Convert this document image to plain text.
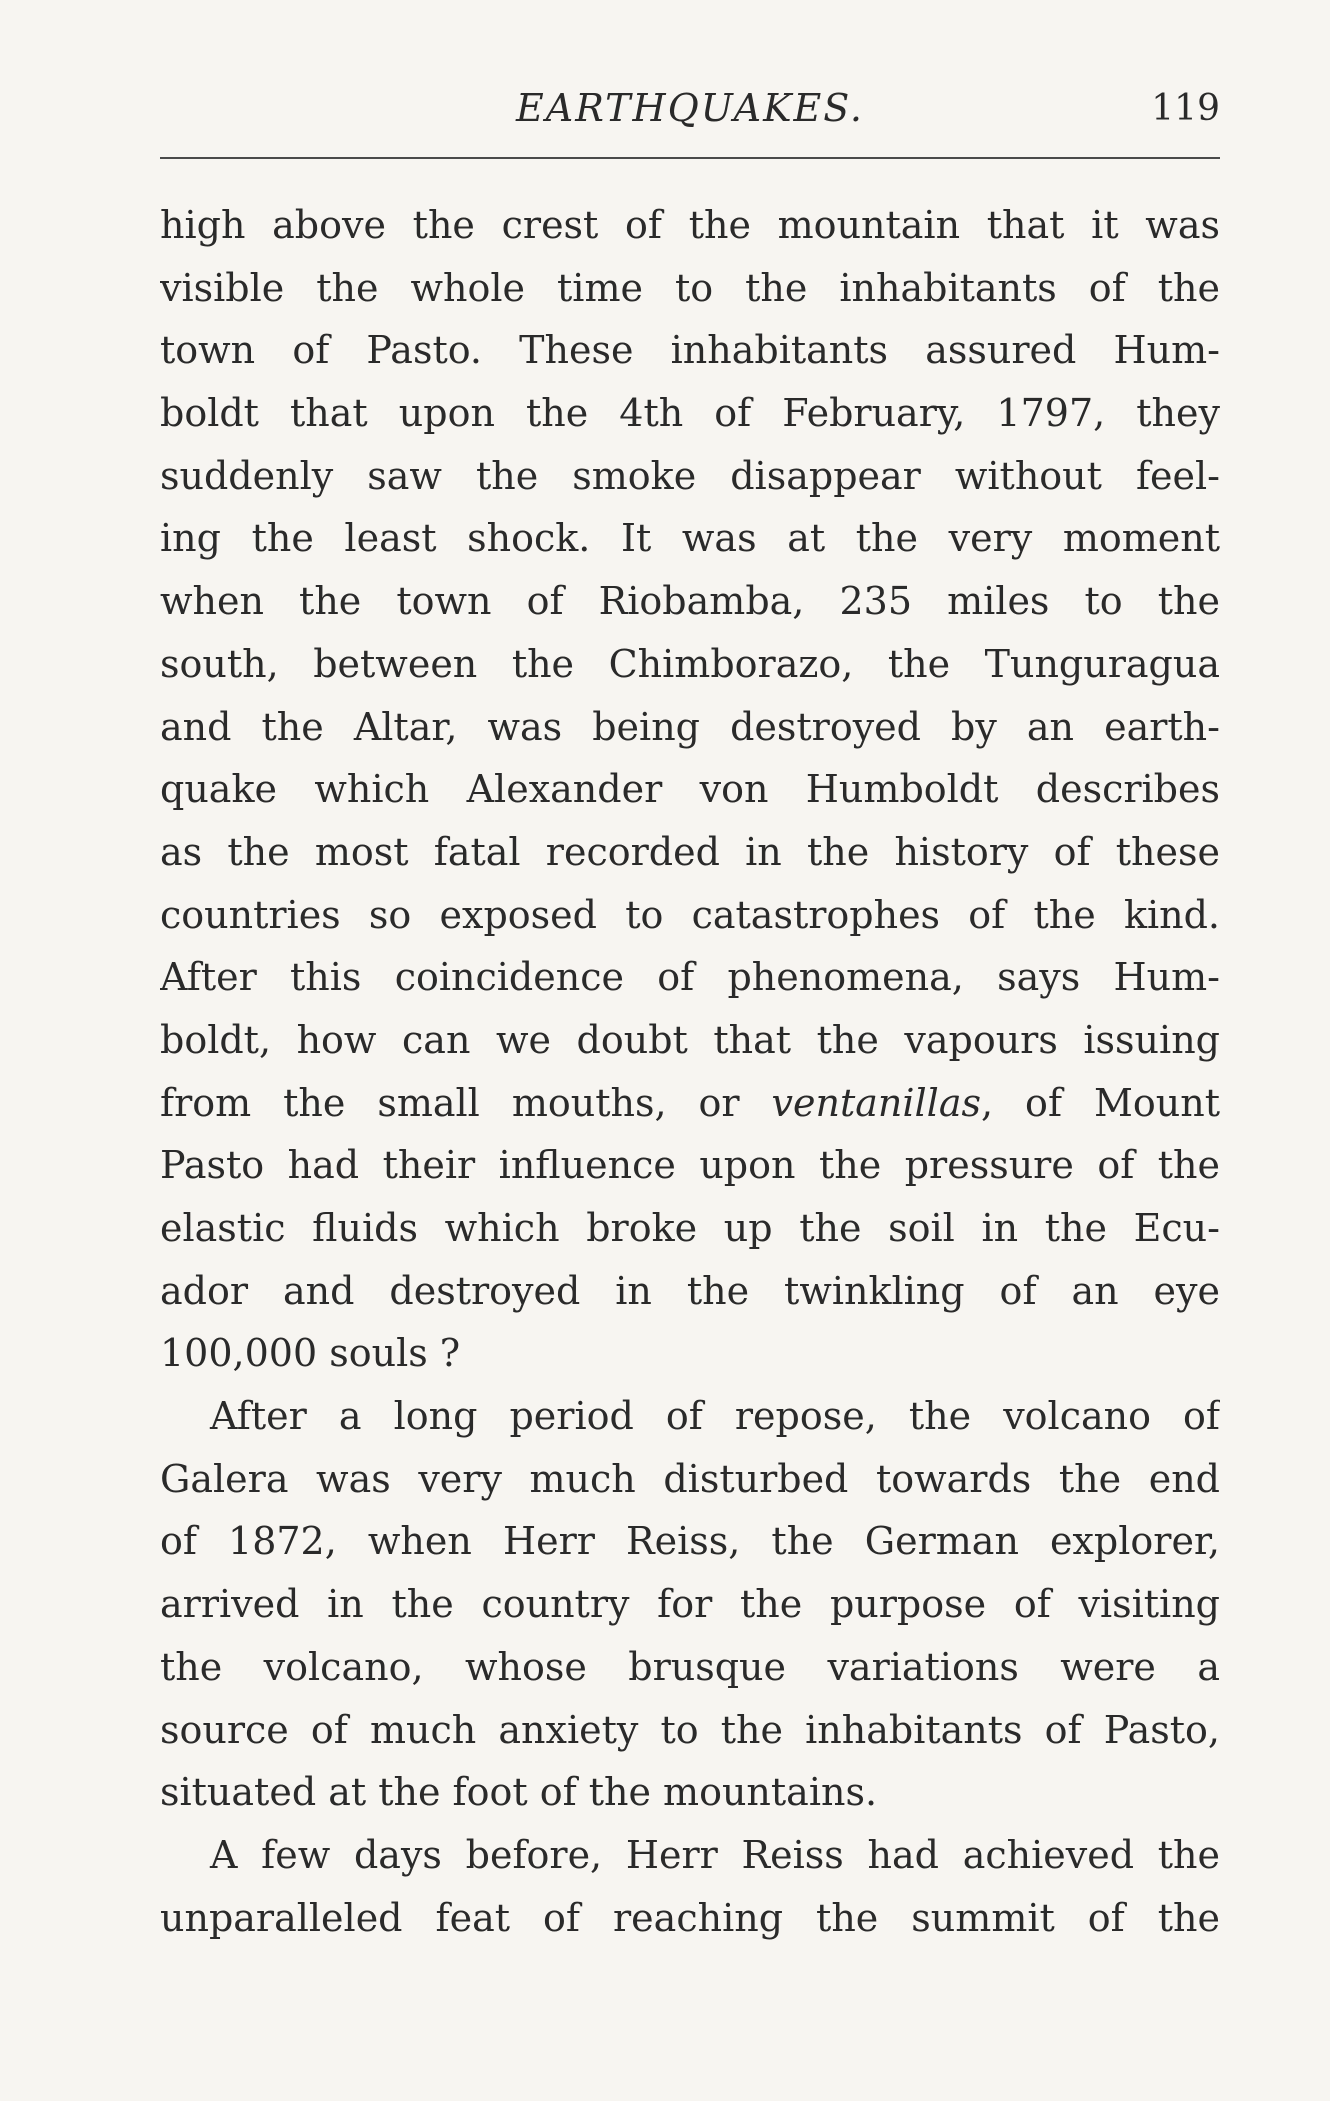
EARTHQUAKES.	119
high above the crest of the mountain that it was
visible the whole time to the inhabitants of the
town of Pasto. These inhabitants assured Hum-
boldt that upon the 4th of February, 1797, they
suddenly saw the smoke disappear without feel-
ing the least shock. It was at the very moment
when the town of Riobamba, 235 miles to the
south, between the Chimborazo, the Tunguragua
and the Altar, was being destroyed by an earth-
quake which Alexander von Humboldt describes
as the most fatal recorded in the history of these
countries so exposed to catastrophes of the kind.
After this coincidence of phenomena, says Hum-
boldt, how can we doubt that the vapours issuing
from the small mouths, or ventanillas, of Mount
Pasto had their influence upon the pressure of the
elastic fluids which broke up the soil in the Ecu-
ador and destroyed in the twinkling of an eye
100,000 souls ?
After a long period of repose, the volcano of
Galera was very much disturbed towards the end
of 1872, when Herr Reiss, the German explorer,
arrived in the country for the purpose of visiting
the volcano, whose brusque variations were a
source of much anxiety to the inhabitants of Pasto,
situated at the foot of the mountains.
A few days before, Herr Reiss had achieved the
unparalleled feat of reaching the summit of the
